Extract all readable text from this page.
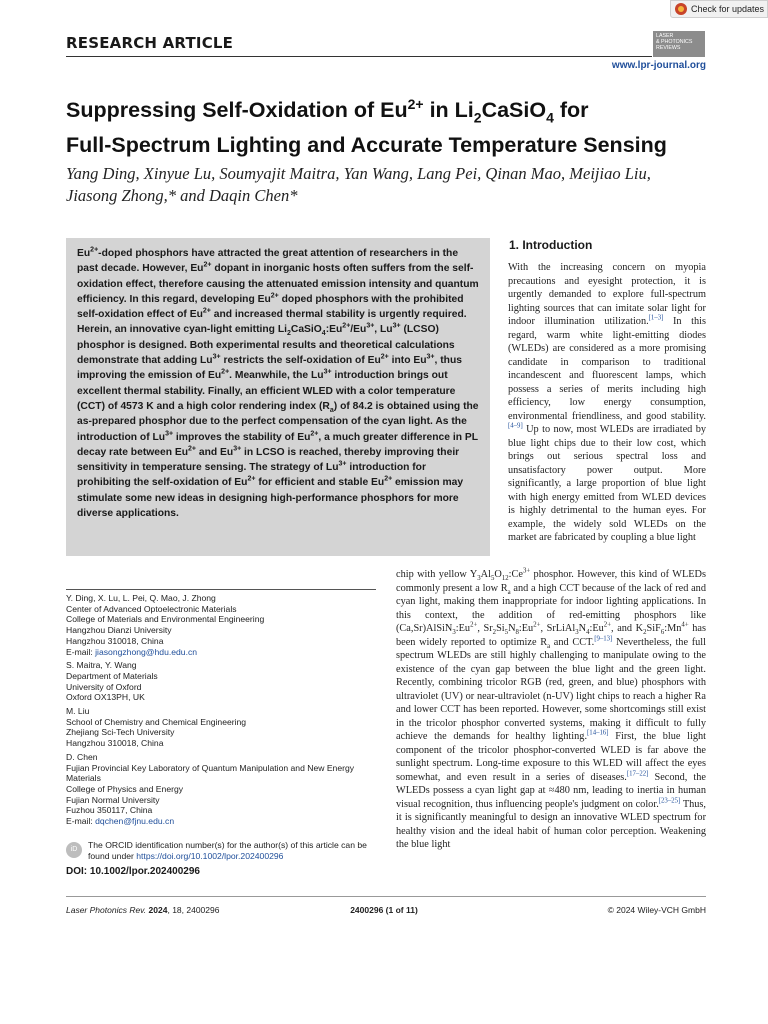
Check for updates
RESEARCH ARTICLE	LASER
& PHOTONICS
REVIEWS
www.lpr-journal.org
Suppressing Self-Oxidation of $Eu^{2+}$ in $Li_2CaSiO_4$ for
Full-Spectrum Lighting and Accurate Temperature Sensing
Yang Ding, Xinyue Lu, Soumyajit Maitra, Yan Wang, Lang Pei, Qinan Mao, Meijiao Liu,
Jiasong Zhong,* and Daqin Chen*
$Eu^{2+}$-doped phosphors have attracted the great attention of researchers in the past decade. However, $Eu^{2+}$ dopant in inorganic hosts often suffers from the self-oxidation effect, therefore causing the attenuated emission intensity and quantum efficiency. In this regard, developing $Eu^{2+}$ doped phosphors with the prohibited self-oxidation effect of $Eu^{2+}$ and increased thermal stability is urgently required. Herein, an innovative cyan-light emitting $Li_2CaSiO_4:Eu^{2+}/Eu^{3+}$, $Lu^{3+}$ (LCSO) phosphor is designed. Both experimental results and theoretical calculations demonstrate that adding $Lu^{3+}$ restricts the self-oxidation of $Eu^{2+}$ into $Eu^{3+}$, thus improving the emission of $Eu^{2+}$. Meanwhile, the $Lu^{3+}$ introduction brings out excellent thermal stability. Finally, an efficient WLED with a color temperature (CCT) of 4573 K and a high color rendering index $(R_a)$ of 84.2 is obtained using the as-prepared phosphor due to the perfect compensation of the cyan light. As the introduction of $Lu^{3+}$ improves the stability of $Eu^{2+}$, a much greater difference in PL decay rate between $Eu^{2+}$ and $Eu^{3+}$ in LCSO is reached, thereby improving their sensitivity in temperature sensing. The strategy of $Lu^{3+}$ introduction for prohibiting the self-oxidation of $Eu^{2+}$ for efficient and stable $Eu^{2+}$ emission may stimulate some new ideas in designing high-performance phosphors for more diverse applications.
1. Introduction
With the increasing concern on myopia precautions and eyesight protection, it is urgently demanded to explore full-spectrum lighting sources that can imitate solar light for indoor illumination utilization.[1–3] In this regard, warm white light-emitting diodes (WLEDs) are considered as a more promising candidate in comparison to traditional incandescent and fluorescent lamps, which possess a series of merits including high efficiency, low energy consumption, environmental friendliness, and good stability.[4–9] Up to now, most WLEDs are irradiated by blue light chips due to their low cost, which brings out serious spectral loss and unsatisfactory power output. More significantly, a large proportion of blue light with high energy emitted from WLED devices is highly detrimental to the human eyes. For example, the widely sold WLEDs on the market are fabricated by coupling a blue light
chip with yellow $Y_3Al_5O_{12}:Ce^{3+}$ phosphor. However, this kind of WLEDs commonly present a low $R_a$ and a high CCT because of the lack of red and cyan light, making them inappropriate for indoor lighting applications. In this context, the addition of red-emitting phosphors like $(Ca,Sr)AlSiN_3:Eu^{2+}$, $Sr_2Si_5N_8:Eu^{2+}$, $SrLiAl_3N_4:Eu^{2+}$, and $K_2SiF_6:Mn^{4+}$ has been widely reported to optimize $R_a$ and CCT.[9–13] Nevertheless, the full spectrum WLEDs are still highly challenging to manipulate owing to the existence of the cyan gap between the blue light and the green light. Recently, combining tricolor RGB (red, green, and blue) phosphors with ultraviolet (UV) or near-ultraviolet (n-UV) light chips to reach a higher Ra and lower CCT has been reported. However, some shortcomings still exist in the tricolor phosphor converted systems, making it difficult to fully achieve the demands for healthy lighting.[14–16] First, the blue light component of the tricolor phosphor-converted WLED is far above the sunlight spectrum. Long-time exposure to this WLED will affect the eyes somewhat, and even result in a series of diseases.[17–22] Second, the WLEDs possess a cyan light gap at ≈480 nm, leading to inertia in human visual recognition, thus influencing people's judgment on color.[23–25] Thus, it is significantly meaningful to design an innovative WLED spectrum for healthy vision and the ideal habit of human color perception. Weakening the blue light
Y. Ding, X. Lu, L. Pei, Q. Mao, J. Zhong
Center of Advanced Optoelectronic Materials
College of Materials and Environmental Engineering
Hangzhou Dianzi University
Hangzhou 310018, China
E-mail: jiasongzhong@hdu.edu.cn
S. Maitra, Y. Wang
Department of Materials
University of Oxford
Oxford OX13PH, UK
M. Liu
School of Chemistry and Chemical Engineering
Zhejiang Sci-Tech University
Hangzhou 310018, China
D. Chen
Fujian Provincial Key Laboratory of Quantum Manipulation and New Energy Materials
College of Physics and Energy
Fujian Normal University
Fuzhou 350117, China
E-mail: dqchen@fjnu.edu.cn
iD	The ORCID identification number(s) for the author(s) of this article can be found under https://doi.org/10.1002/lpor.202400296
DOI: 10.1002/lpor.202400296
Laser Photonics Rev. 2024, 18, 2400296	2400296 (1 of 11)	© 2024 Wiley-VCH GmbH
